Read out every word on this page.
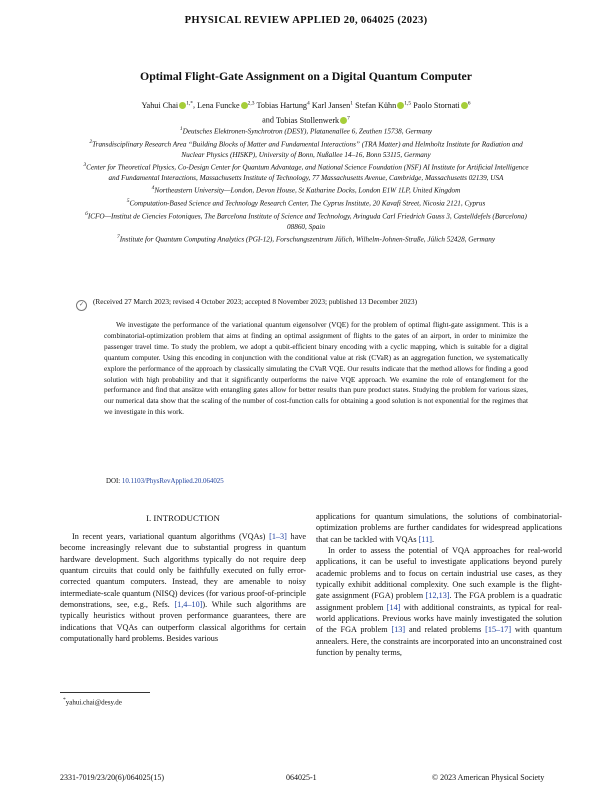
PHYSICAL REVIEW APPLIED 20, 064025 (2023)
Optimal Flight-Gate Assignment on a Digital Quantum Computer
Yahui Chai $^{1,*}$, Lena Funcke $^{2,3}$ Tobias Hartung$^4$ Karl Jansen$^1$ Stefan Kühn $^{1,5}$ Paolo Stornati $^6$
and Tobias Stollenwerk $^7$

$^1$Deutsches Elektronen-Synchrotron (DESY), Platanenallee 6, Zeuthen 15738, Germany

$^2$Transdisciplinary Research Area “Building Blocks of Matter and Fundamental Interactions” (TRA Matter) and Helmholtz Institute for Radiation and Nuclear Physics (HISKP), University of Bonn, Nußallee 14–16, Bonn 53115, Germany

$^3$Center for Theoretical Physics, Co-Design Center for Quantum Advantage, and National Science Foundation (NSF) AI Institute for Artificial Intelligence and Fundamental Interactions, Massachusetts Institute of Technology, 77 Massachusetts Avenue, Cambridge, Massachusetts 02139, USA

$^4$Northeastern University—London, Devon House, St Katharine Docks, London E1W 1LP, United Kingdom

$^5$Computation-Based Science and Technology Research Center, The Cyprus Institute, 20 Kavafi Street, Nicosia 2121, Cyprus

$^6$ICFO—Institut de Ciencies Fotoniques, The Barcelona Institute of Science and Technology, Avinguda Carl Friedrich Gauss 3, Castelldefels (Barcelona) 08860, Spain

$^7$Institute for Quantum Computing Analytics (PGI-12), Forschungszentrum Jülich, Wilhelm-Johnen-Straße, Jülich 52428, Germany

✓ (Received 27 March 2023; revised 4 October 2023; accepted 8 November 2023; published 13 December 2023)
We investigate the performance of the variational quantum eigensolver (VQE) for the problem of optimal flight-gate assignment. This is a combinatorial-optimization problem that aims at finding an optimal assignment of flights to the gates of an airport, in order to minimize the passenger travel time. To study the problem, we adopt a qubit-efficient binary encoding with a cyclic mapping, which is suitable for a digital quantum computer. Using this encoding in conjunction with the conditional value at risk (CVaR) as an aggregation function, we systematically explore the performance of the approach by classically simulating the CVaR VQE. Our results indicate that the method allows for finding a good solution with high probability and that it significantly outperforms the naive VQE approach. We examine the role of entanglement for the performance and find that ansätze with entangling gates allow for better results than pure product states. Studying the problem for various sizes, our numerical data show that the scaling of the number of cost-function calls for obtaining a good solution is not exponential for the regimes that we investigate in this work.
DOI: 10.1103/PhysRevApplied.20.064025
I. INTRODUCTION

In recent years, variational quantum algorithms (VQAs) [1–3] have become increasingly relevant due to substantial progress in quantum hardware development. Such algorithms typically do not require deep quantum circuits that could only be faithfully executed on fully error-corrected quantum computers. Instead, they are amenable to noisy intermediate-scale quantum (NISQ) devices (for various proof-of-principle demonstrations, see, e.g., Refs. [1,4–10]). While such algorithms are typically heuristics without proven performance guarantees, there are indications that VQAs can outperform classical algorithms for certain computationally hard problems. Besides various

applications for quantum simulations, the solutions of combinatorial-optimization problems are further candidates for widespread applications that can be tackled with VQAs [11].

In order to assess the potential of VQA approaches for real-world applications, it can be useful to investigate applications beyond purely academic problems and to focus on certain industrial use cases, as they typically exhibit additional complexity. One such example is the flight-gate assignment (FGA) problem [12,13]. The FGA problem is a quadratic assignment problem [14] with additional constraints, as typical for real-world applications. Previous works have mainly investigated the solution of the FGA problem [13] and related problems [15–17] with quantum annealers. Here, the constraints are incorporated into an unconstrained cost function by penalty terms,

*yahui.chai@desy.de
2331-7019/23/20(6)/064025(15)	064025-1	© 2023 American Physical Society
